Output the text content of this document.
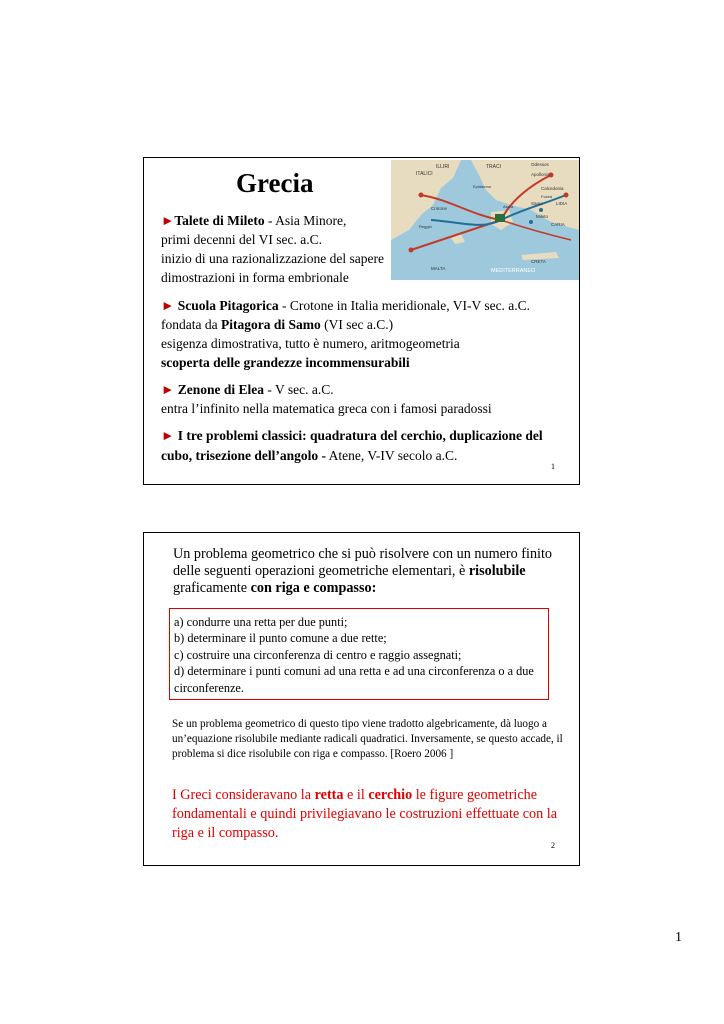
Grecia	ITALICI
ILLIRI	TRACI	Odessos
Apollonia
Calcedonia
Crotone
Samo
Mileto
LIDIA
CARIA
CRETA
MEDITERRANEO
MALTA
Ascra
Epidamno
Reggio
Focea
►Talete di Mileto - Asia Minore,
primi decenni del VI sec. a.C.
inizio di una razionalizzazione del sapere
dimostrazioni in forma embrionale
► Scuola Pitagorica - Crotone in Italia meridionale, VI-V sec. a.C.
fondata da Pitagora di Samo (VI sec a.C.)
esigenza dimostrativa, tutto è numero, aritmogeometria
scoperta delle grandezze incommensurabili
► Zenone di Elea - V sec. a.C.
entra l’infinito nella matematica greca con i famosi paradossi
► I tre problemi classici: quadratura del cerchio, duplicazione del cubo, trisezione dell’angolo - Atene, V-IV secolo a.C.
1
Un problema geometrico che si può risolvere con un numero finito delle seguenti operazioni geometriche elementari, è risolubile graficamente con riga e compasso:

a) condurre una retta per due punti;

b) determinare il punto comune a due rette;

c) costruire una circonferenza di centro e raggio assegnati;

d) determinare i punti comuni ad una retta e ad una circonferenza o a due circonferenze.

Se un problema geometrico di questo tipo viene tradotto algebricamente, dà luogo a un’equazione risolubile mediante radicali quadratici. Inversamente, se questo accade, il problema si dice risolubile con riga e compasso. [Roero 2006 ]
I Greci consideravano la retta e il cerchio le figure geometriche fondamentali e quindi privilegiavano le costruzioni effettuate con la riga e il compasso.
2
1
